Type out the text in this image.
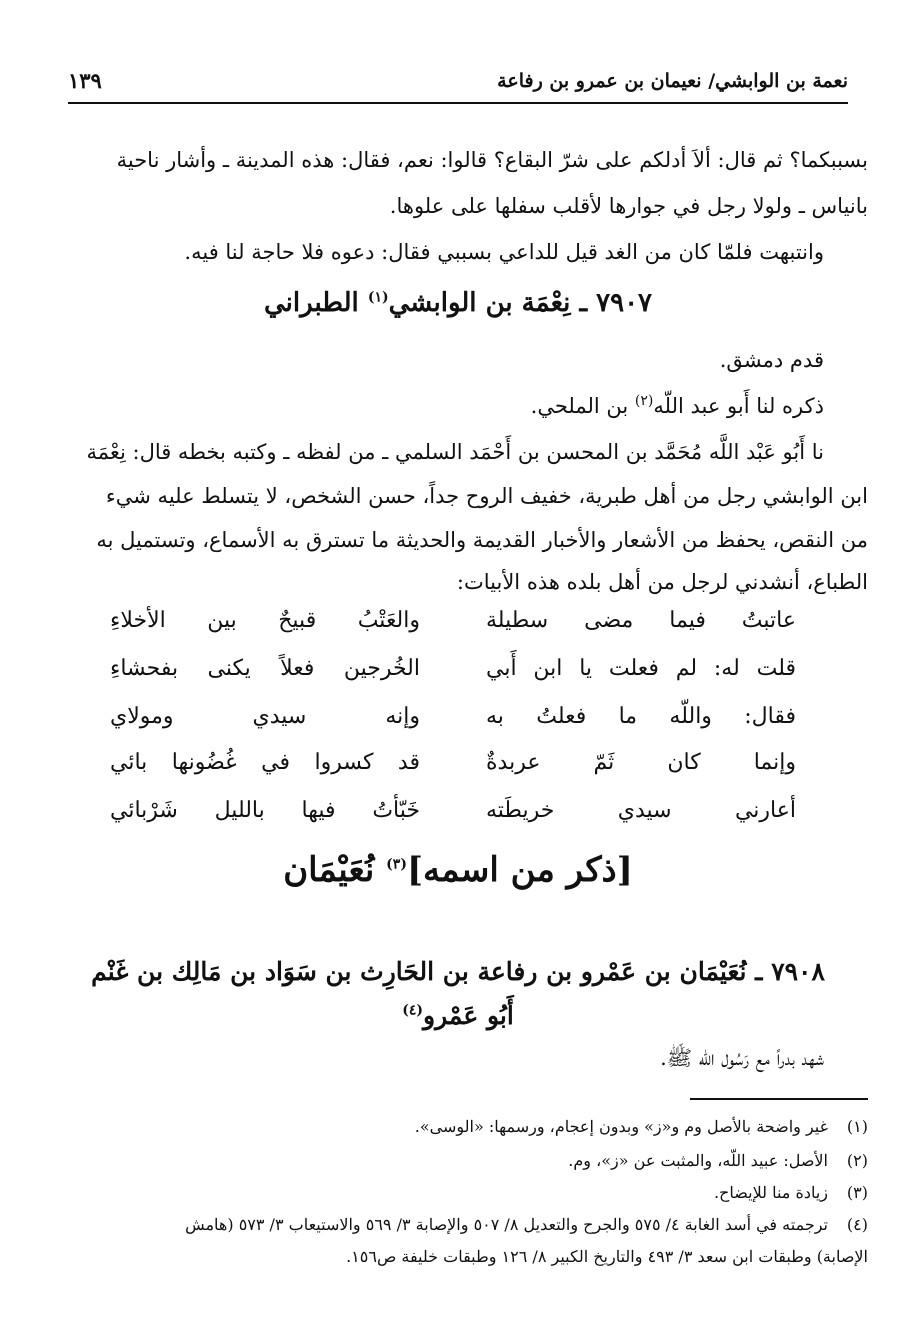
نعمة بن الوابشي/ نعيمان بن عمرو بن رفاعة
١٣٩
بسببكما؟ ثم قال: ألاَ أدلكم على شرّ البقاع؟ قالوا: نعم، فقال: هذه المدينة ـ وأشار ناحية
بانياس ـ ولولا رجل في جوارها لأقلب سفلها على علوها.
وانتبهت فلمّا كان من الغد قيل للداعي بسببي فقال: دعوه فلا حاجة لنا فيه.
٧٩٠٧ ـ نِعْمَة بن الوابشي$^{(١)}$ الطبراني
قدم دمشق.
ذكره لنا أَبو عبد اللّه$^{(٢)}$ بن الملحي.
نا أَبُو عَبْد اللَّه مُحَمَّد بن المحسن بن أَحْمَد السلمي ـ من لفظه ـ وكتبه بخطه قال: نِعْمَة
ابن الوابشي رجل من أهل طبرية، خفيف الروح جداً، حسن الشخص، لا يتسلط عليه شيء
من النقص، يحفظ من الأشعار والأخبار القديمة والحديثة ما تسترق به الأسماع، وتستميل به
الطباع، أنشدني لرجل من أهل بلده هذه الأبيات:
عاتبتُ فيما مضى سطيلة
والعَتْبُ قبيحٌ بين الأخلاءِ
قلت له: لم فعلت يا ابن أَبي
الخُرجين فعلاً يكنى بفحشاءِ
فقال: واللّه ما فعلتُ به
وإنه سيدي ومولاي
وإنما كان ثَمّ عربدةٌ
قد كسروا في غُضُونها بائي
أعارني سيدي خريطَته
خَبّأتُ فيها بالليل شَرْبائي
[ذكر من اسمه]$^{(٣)}$ نُعَيْمَان
٧٩٠٨ ـ نُعَيْمَان بن عَمْرو بن رفاعة بن الحَارِث بن سَوَاد بن مَالِك بن غَنْم
أَبُو عَمْرو$^{(٤)}$
شهد بدراً مع رَسُول اللّه ﷺ.
(١)غير واضحة بالأصل وم و«ز» وبدون إعجام، ورسمها: «الوسى».
(٢)الأصل: عبيد اللّه، والمثبت عن «ز»، وم.
(٣)زيادة منا للإيضاح.
(٤)ترجمته في أسد الغابة ٤/ ٥٧٥ والجرح والتعديل ٨/ ٥٠٧ والإصابة ٣/ ٥٦٩ والاستيعاب ٣/ ٥٧٣ (هامش
الإصابة) وطبقات ابن سعد ٣/ ٤٩٣ والتاريخ الكبير ٨/ ١٢٦ وطبقات خليفة ص١٥٦.
